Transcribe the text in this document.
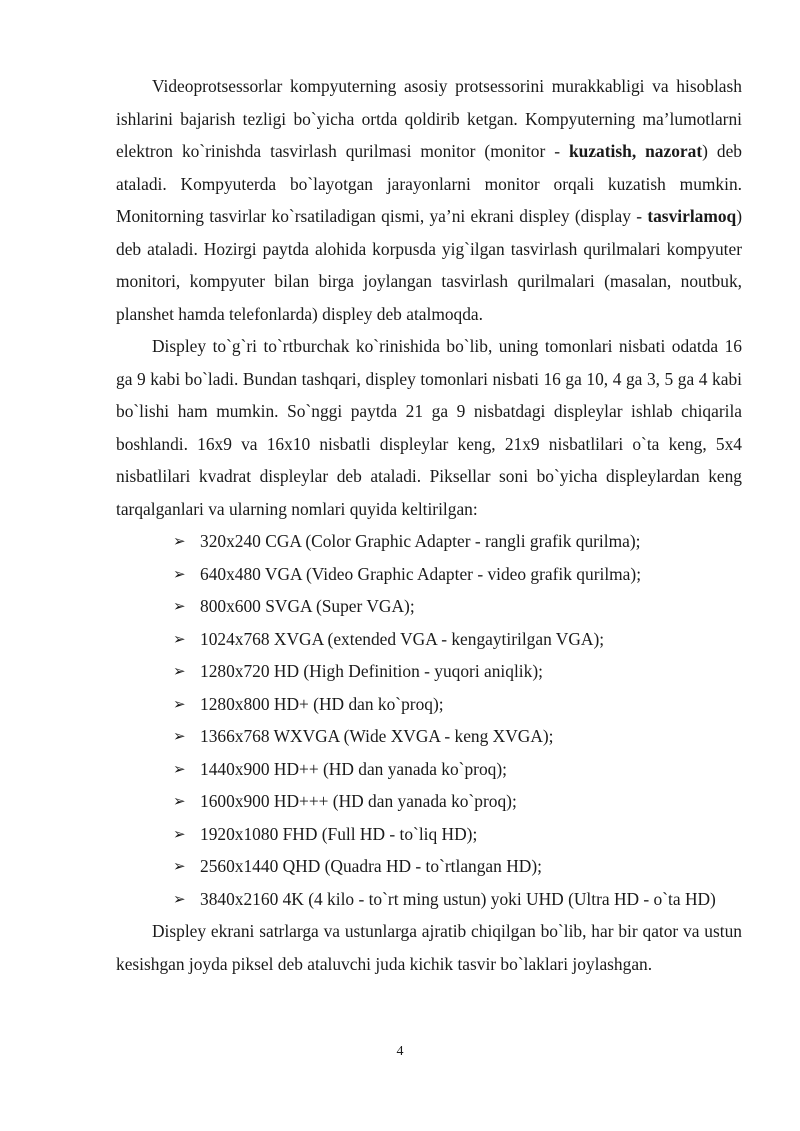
Videoprotsessorlar kompyuterning asosiy protsessorini murakkabligi va hisoblash ishlarini bajarish tezligi bo`yicha ortda qoldirib ketgan. Kompyuterning ma’lumotlarni elektron ko`rinishda tasvirlash qurilmasi monitor (monitor - kuzatish, nazorat) deb ataladi. Kompyuterda bo`layotgan jarayonlarni monitor orqali kuzatish mumkin. Monitorning tasvirlar ko`rsatiladigan qismi, ya’ni ekrani displey (display - tasvirlamoq) deb ataladi. Hozirgi paytda alohida korpusda yig`ilgan tasvirlash qurilmalari kompyuter monitori, kompyuter bilan birga joylangan tasvirlash qurilmalari (masalan, noutbuk, planshet hamda telefonlarda) displey deb atalmoqda.

Displey to`g`ri to`rtburchak ko`rinishida bo`lib, uning tomonlari nisbati odatda 16 ga 9 kabi bo`ladi. Bundan tashqari, displey tomonlari nisbati 16 ga 10, 4 ga 3, 5 ga 4 kabi bo`lishi ham mumkin. So`nggi paytda 21 ga 9 nisbatdagi displeylar ishlab chiqarila boshlandi. 16x9 va 16x10 nisbatli displeylar keng, 21x9 nisbatlilari o`ta keng, 5x4 nisbatlilari kvadrat displeylar deb ataladi. Piksellar soni bo`yicha displeylardan keng tarqalganlari va ularning nomlari quyida keltirilgan:

➢ 320x240 CGA (Color Graphic Adapter - rangli grafik qurilma);
➢ 640x480 VGA (Video Graphic Adapter - video grafik qurilma);
➢ 800x600 SVGA (Super VGA);
➢ 1024x768 XVGA (extended VGA - kengaytirilgan VGA);
➢ 1280x720 HD (High Definition - yuqori aniqlik);
➢ 1280x800 HD+ (HD dan ko`proq);
➢ 1366x768 WXVGA (Wide XVGA - keng XVGA);
➢ 1440x900 HD++ (HD dan yanada ko`proq);
➢ 1600x900 HD+++ (HD dan yanada ko`proq);
➢ 1920x1080 FHD (Full HD - to`liq HD);
➢ 2560x1440 QHD (Quadra HD - to`rtlangan HD);
➢ 3840x2160 4K (4 kilo - to`rt ming ustun) yoki UHD (Ultra HD - o`ta HD)

Displey ekrani satrlarga va ustunlarga ajratib chiqilgan bo`lib, har bir qator va ustun kesishgan joyda piksel deb ataluvchi juda kichik tasvir bo`laklari joylashgan.

4
